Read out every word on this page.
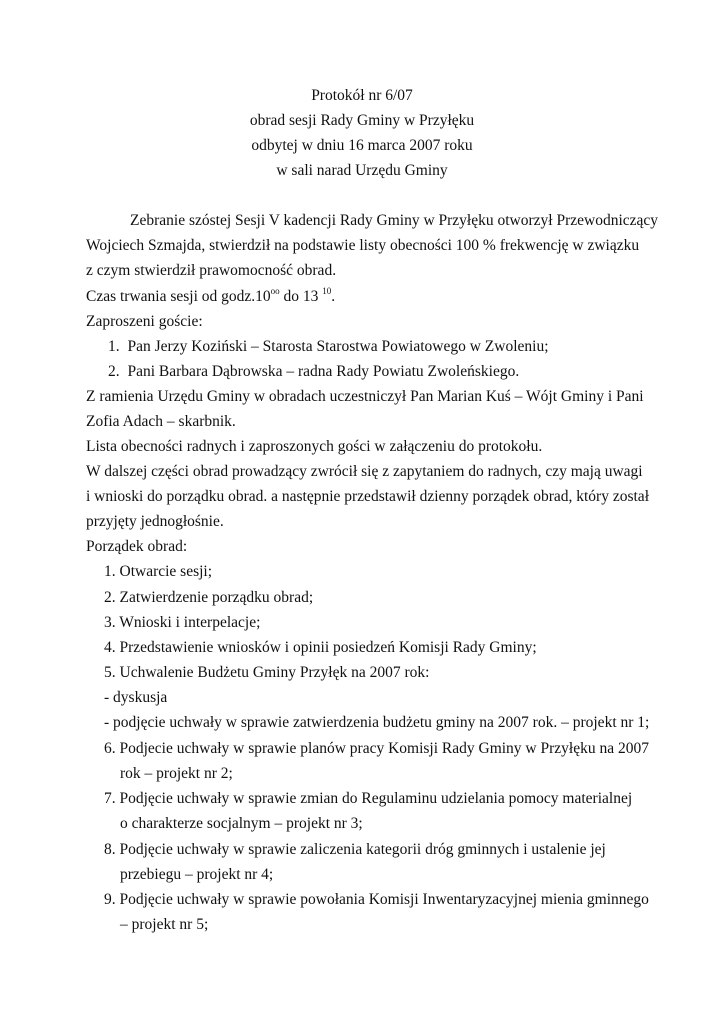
Protokół nr 6/07
obrad sesji Rady Gminy w Przyłęku
odbytej w dniu 16 marca 2007 roku
w sali narad Urzędu Gminy
Zebranie szóstej Sesji V kadencji Rady Gminy w Przyłęku otworzył Przewodniczący
Wojciech Szmajda, stwierdził na podstawie listy obecności 100 % frekwencję w związku
z czym stwierdził prawomocność obrad.
Czas trwania sesji od $godz.10^{oo}$ do 13 $^{10}$.
Zaproszeni goście:
1. Pan Jerzy Koziński – Starosta Starostwa Powiatowego w Zwoleniu;
2. Pani Barbara Dąbrowska – radna Rady Powiatu Zwoleńskiego.
Z ramienia Urzędu Gminy w obradach uczestniczył Pan Marian Kuś – Wójt Gminy i Pani
Zofia Adach – skarbnik.
Lista obecności radnych i zaproszonych gości w załączeniu do protokołu.
W dalszej części obrad prowadzący zwrócił się z zapytaniem do radnych, czy mają uwagi
i wnioski do porządku obrad. a następnie przedstawił dzienny porządek obrad, który został
przyjęty jednogłośnie.
Porządek obrad:
1. Otwarcie sesji;
2. Zatwierdzenie porządku obrad;
3. Wnioski i interpelacje;
4. Przedstawienie wniosków i opinii posiedzeń Komisji Rady Gminy;
5. Uchwalenie Budżetu Gminy Przyłęk na 2007 rok:
- dyskusja
- podjęcie uchwały w sprawie zatwierdzenia budżetu gminy na 2007 rok. – projekt nr 1;
6. Podjecie uchwały w sprawie planów pracy Komisji Rady Gminy w Przyłęku na 2007
rok – projekt nr 2;
7. Podjęcie uchwały w sprawie zmian do Regulaminu udzielania pomocy materialnej
o charakterze socjalnym – projekt nr 3;
8. Podjęcie uchwały w sprawie zaliczenia kategorii dróg gminnych i ustalenie jej
przebiegu – projekt nr 4;
9. Podjęcie uchwały w sprawie powołania Komisji Inwentaryzacyjnej mienia gminnego
– projekt nr 5;
